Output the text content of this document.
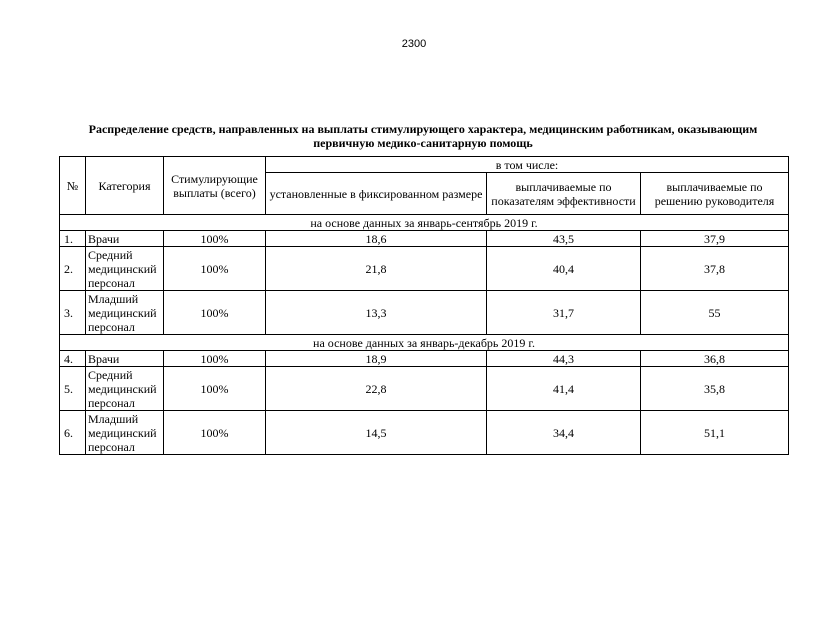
2300
Распределение средств, направленных на выплаты стимулирующего характера, медицинским работникам, оказывающим первичную медико-санитарную помощь
№	Категория	Стимулирующие выплаты (всего)	в том числе:		
			установленные в фиксированном размере	выплачиваемые по показателям эффективности	выплачиваемые по решению руководителя
на основе данных за январь-сентябрь 2019 г.					
1.	Врачи	100%	18,6	43,5	37,9
2.	Средний медицинский персонал	100%	21,8	40,4	37,8
3.	Младший медицинский персонал	100%	13,3	31,7	55
на основе данных за январь-декабрь 2019 г.					
4.	Врачи	100%	18,9	44,3	36,8
5.	Средний медицинский персонал	100%	22,8	41,4	35,8
6.	Младший медицинский персонал	100%	14,5	34,4	51,1
